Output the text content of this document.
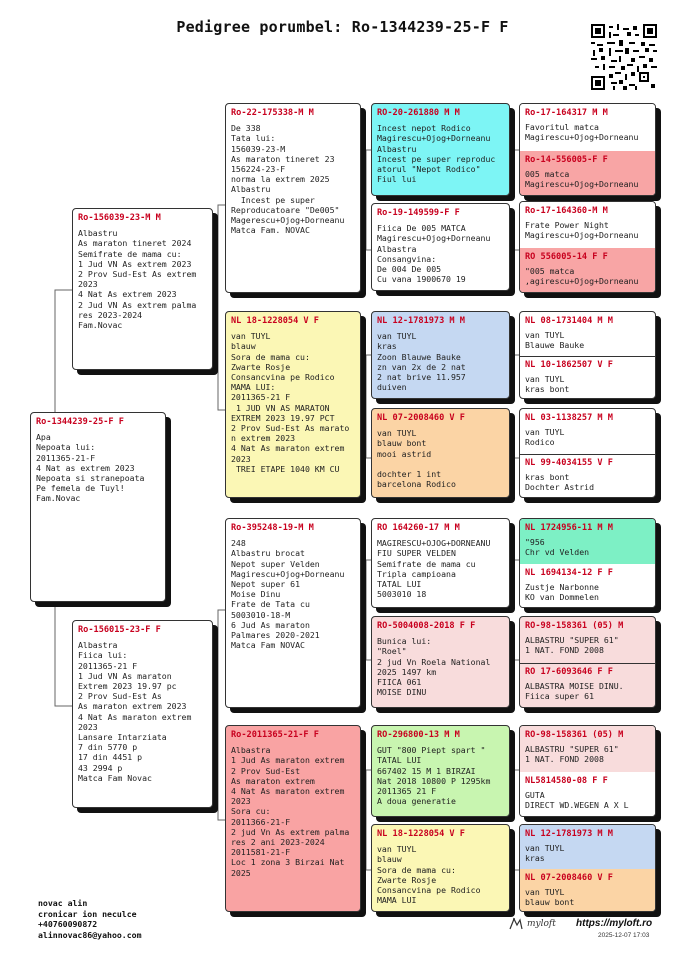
Pedigree porumbel: Ro-1344239-25-F F
Ro-1344239-25-F F
Apa
Nepoata lui:
2011365-21-F
4 Nat as extrem 2023
Nepoata si stranepoata
Pe femela de Tuyl!
Fam.Novac
Ro-156039-23-M M
Albastru
As maraton tineret 2024
Semifrate de mama cu:
1 Jud VN As extrem 2023
2 Prov Sud-Est As extrem
2023
4 Nat As extrem 2023
2 Jud VN As extrem palma
res 2023-2024
Fam.Novac
Ro-156015-23-F F
Albastra
Fiica lui:
2011365-21 F
1 Jud VN As maraton
Extrem 2023 19.97 pc
2 Prov Sud-Est As
As maraton extrem 2023
4 Nat As maraton extrem
2023
Lansare Intarziata
7 din 5770 p
17 din 4451 p
43 2994 p
Matca Fam Novac
Ro-22-175338-M M
De 338
Tata lui:
156039-23-M
As maraton tineret 23
156224-23-F
norma la extrem 2025
Albastru
Incest pe super
Reproducatoare "De005"
Magerescu+Ojog+Dorneanu
Matca Fam. NOVAC
NL 18-1228054 V F
van TUYL
blauw
Sora de mama cu:
Zwarte Rosje
Consancvina pe Rodico
MAMA LUI:
2011365-21 F
1 JUD VN AS MARATON
EXTREM 2023 19.97 PCT
2 Prov Sud-Est As marato
n extrem 2023
4 Nat As maraton extrem
2023
TREI ETAPE 1040 KM CU
Ro-395248-19-M M
248
Albastru brocat
Nepot super Velden
Magirescu+Ojog+Dorneanu
Nepot super 61
Moise Dinu
Frate de Tata cu
5003010-18-M
6 Jud As maraton
Palmares 2020-2021
Matca Fam NOVAC
Ro-2011365-21-F F
Albastra
1 Jud As maraton extrem
2 Prov Sud-Est
As maraton extrem
4 Nat As maraton extrem
2023
Sora cu:
2011366-21-F
2 jud Vn As extrem palma
res 2 ani 2023-2024
2011581-21-F
Loc 1 zona 3 Birzai Nat
2025
RO-20-261880 M M
Incest nepot Rodico
Magirescu+Ojog+Dorneanu
Albastru
Incest pe super reproduc
atorul "Nepot Rodico"
Fiul lui
Ro-19-149599-F F
Fiica De 005 MATCA
Magirescu+Ojog+Dorneanu
Albastra
Consangvina:
De 004 De 005
Cu vana 1900670 19
NL 12-1781973 M M
van TUYL
kras
Zoon Blauwe Bauke
zn van 2x de 2 nat
2 nat brive 11.957
duiven
NL 07-2008460 V F
van TUYL
blauw bont
mooi astrid

dochter 1 int
barcelona Rodico
RO 164260-17 M M
MAGIRESCU+OJOG+DORNEANU
FIU SUPER VELDEN
Semifrate de mama cu
Tripla campioana
TATAL LUI
5003010 18
RO-5004008-2018 F F
Bunica lui:
"Roel"
2 jud Vn Roela National
2025 1497 km
FIICA 061
MOISE DINU
RO-296800-13 M M
GUT "800 Piept spart "
TATAL LUI
667402 15 M 1 BIRZAI
Nat 2018 10800 P 1295km
2011365 21 F
A doua generatie
NL 18-1228054 V F
van TUYL
blauw
Sora de mama cu:
Zwarte Rosje
Consancvina pe Rodico
MAMA LUI
Ro-17-164317 M M
Favoritul matca
Magirescu+Ojog+Dorneanu
Ro-14-556005-F F
005 matca
Magirescu+Ojog+Dorneanu
Ro-17-164360-M M
Frate Power Night
Magirescu+Ojog+Dorneanu
RO 556005-14 F F
"005 matca
,agirescu+Ojog+Dorneanu
NL 08-1731404 M M
van TUYL
Blauwe Bauke
NL 10-1862507 V F
van TUYL
kras bont
NL 03-1138257 M M
van TUYL
Rodico
NL 99-4034155 V F
kras bont
Dochter Astrid
NL 1724956-11 M M
"956
Chr vd Velden
NL 1694134-12 F F
Zustje Narbonne
KO van Dommelen
RO-98-158361 (05) M
ALBASTRU "SUPER 61"
1 NAT. FOND 2008
RO 17-6093646 F F
ALBASTRA MOISE DINU.
Fiica super 61
RO-98-158361 (05) M
ALBASTRU "SUPER 61"
1 NAT. FOND 2008
NL5814580-08 F F
GUTA
DIRECT WD.WEGEN A X L
NL 12-1781973 M M
van TUYL
kras
NL 07-2008460 V F
van TUYL
blauw bont
novac alin
cronicar ion neculce
+40760090872
alinnovac86@yahoo.com
myloft https://myloft.ro
2025-12-07 17:03
